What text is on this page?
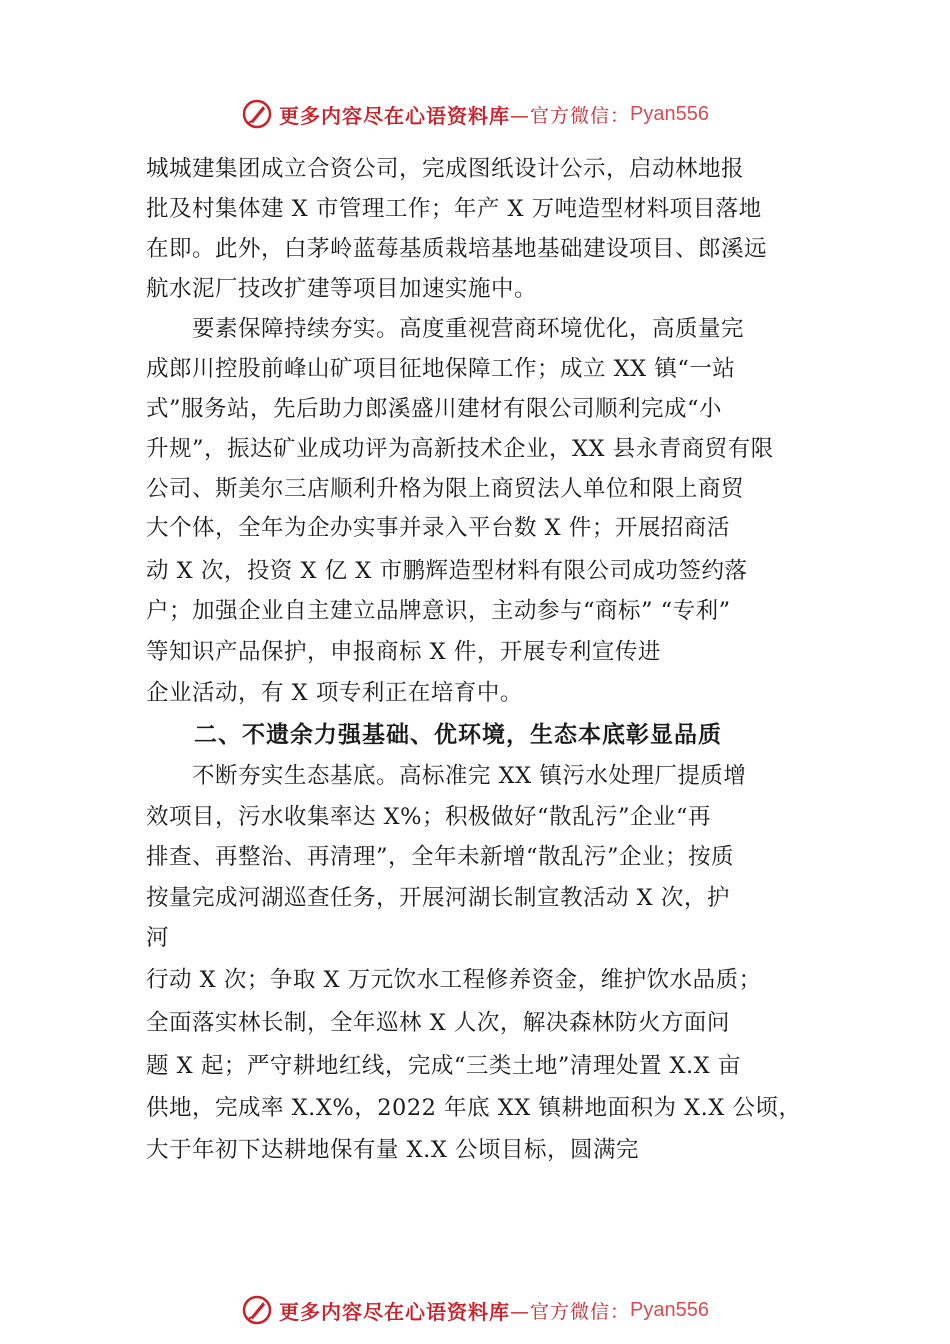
更多内容尽在心语资料库 —官方微信： Pyan556
城城建集团成立合资公司，完成图纸设计公示，启动林地报
批及村集体建 X 市管理工作；年产 X 万吨造型材料项目落地
在即。此外，白茅岭蓝莓基质栽培基地基础建设项目、郎溪远
航水泥厂技改扩建等项目加速实施中。
要素保障持续夯实。高度重视营商环境优化，高质量完
成郎川控股前峰山矿项目征地保障工作；成立 XX 镇“一站
式”服务站，先后助力郎溪盛川建材有限公司顺利完成“小
升规”，振达矿业成功评为高新技术企业，XX 县永青商贸有限
公司、斯美尔三店顺利升格为限上商贸法人单位和限上商贸
大个体，全年为企办实事并录入平台数 X 件；开展招商活
动 X 次，投资 X 亿 X 市鹏辉造型材料有限公司成功签约落
户；加强企业自主建立品牌意识，主动参与“商标” “专利”
等知识产品保护，申报商标 X 件，开展专利宣传进
企业活动，有 X 项专利正在培育中。
二、不遗余力强基础、优环境，生态本底彰显品质
不断夯实生态基底。高标准完 XX 镇污水处理厂提质增
效项目，污水收集率达 X%；积极做好“散乱污”企业“再
排查、再整治、再清理”，全年未新增“散乱污”企业；按质
按量完成河湖巡查任务，开展河湖长制宣教活动 X 次，护
河
行动 X 次；争取 X 万元饮水工程修养资金，维护饮水品质；
全面落实林长制，全年巡林 X 人次，解决森林防火方面问
题 X 起；严守耕地红线，完成“三类土地”清理处置 X.X 亩
供地，完成率 X.X%，2022 年底 XX 镇耕地面积为 X.X 公顷，
大于年初下达耕地保有量 X.X 公顷目标，圆满完
更多内容尽在心语资料库 —官方微信： Pyan556
